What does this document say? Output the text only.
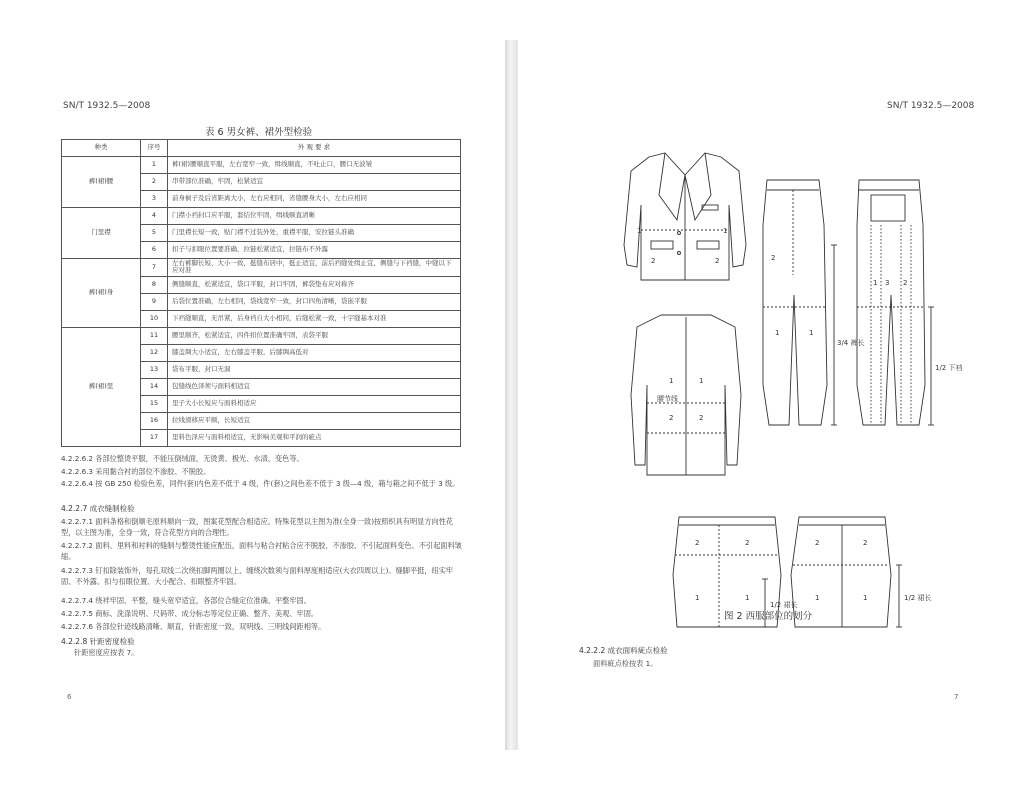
SN/T 1932.5—2008
表 6 男女裤、裙外型检验
种类	序号	外 观 要 求
裤(裙)腰	1	裤(裙)腰顺直平服，左右宽窄一致，缉线顺直，不吐止口，腰口无波皱
	2	串带部位准确，牢固，松紧适宜
	3	前身裥子及后省距离大小，左右应相同，省缝腰身大小，左右应相同
门里襟	4	门襟小裆封口应平服，套结位牢固，缉线顺直清晰
	5	门里襟长短一致，贴门襟不过装外处，重襟平服，安拉链头准确
	6	扣子与扣眼位置要准确，拉链松紧适宜，拉链布不外露
裤(裙)身	7	左右裤脚长短、大小一致，挺缝布居中，挺止适宜，前后裆缝处缉止宜，侧缝与下裆缝，中缝以下应对准
	8	侧缝顺直，松紧适宜，袋口平服，封口牢固，裤袋垫布应对称齐
	9	后袋位置准确，左右相同，袋线宽窄一致，封口四角清晰，袋嵌平服
	10	下裆缝顺直，无吊紧，后身裆自大小相同，后缝松紧一致，十字缝基本对准
裤(裙)里	11	腰里顺齐，松紧适宜，四件扣位置准确牢固，表袋平服
	12	膝盖绸大小适宜，左右膝盖平服，后膝绸高低对
	13	袋布平服，封口无洞
	14	包缝线色泽须与面料相适宜
	15	里子大小长短应与面料相适应
	16	拉线滑移应平顺，长短适宜
	17	里料色泽应与面料相适宜，无影响美观和平润的疵点
4.2.2.6.2 各部位整烫平服，不能压倒绒面，无烫黄、极光、水渍、变色等。
4.2.2.6.3 采用黏合衬的部位不渗胶、不脱胶。
4.2.2.6.4 按 GB 250 检验色差，同件(套)内色差不低于 4 级，件(套)之间色差不低于 3 级—4 级，箱与箱之间不低于 3 级。
4.2.2.7 成衣缝制检验
4.2.2.7.1 面料条格和倒顺毛原料顺向一致，图案花型配合相适应。特殊花型以主图为准(全身一致)按照织具有明显方向性花型，以主图为准，全身一致，符合花型方向的合理性。
4.2.2.7.2 面料、里料和衬料的缝制与整烫性能应配伍，面料与粘合衬粘合应不脱胶、不渗胶、不引起面料变色、不引起面料皱缩。
4.2.2.7.3 钉扣除装饰外，每孔双线二次绕扣脚两圈以上，缠绕次数须与面料厚度相适应(大衣四周以上)。缝脚平挺，纽实牢固、不外露。扣与扣眼位置、大小配合、扣眼整齐牢固。
4.2.2.7.4 绕袢牢固、平整，缝头宽窄适宜，各部位合缝定位准确、平整牢固。
4.2.2.7.5 商标、洗涤说明、尺码带、成分标志等定位正确、整齐、美观、牢固。
4.2.2.7.6 各部位针迹线路清晰、顺直，针距密度一致，双明线、三明线间距相等。
4.2.2.8 针距密度检验
针距密度应按表 7。
6
SN/T 1932.5—2008
1	1
2	2
1	1
2	2
腰节线
2
1	1
3/4 裤长
1 3 2
1/2 下裆
2	2
1	1
1/2 裙长
2	2
1	1	1/2 裙长
图 2 西服部位的划分
4.2.2.2 成衣面料疵点检验
面料疵点检按表 1。
7
